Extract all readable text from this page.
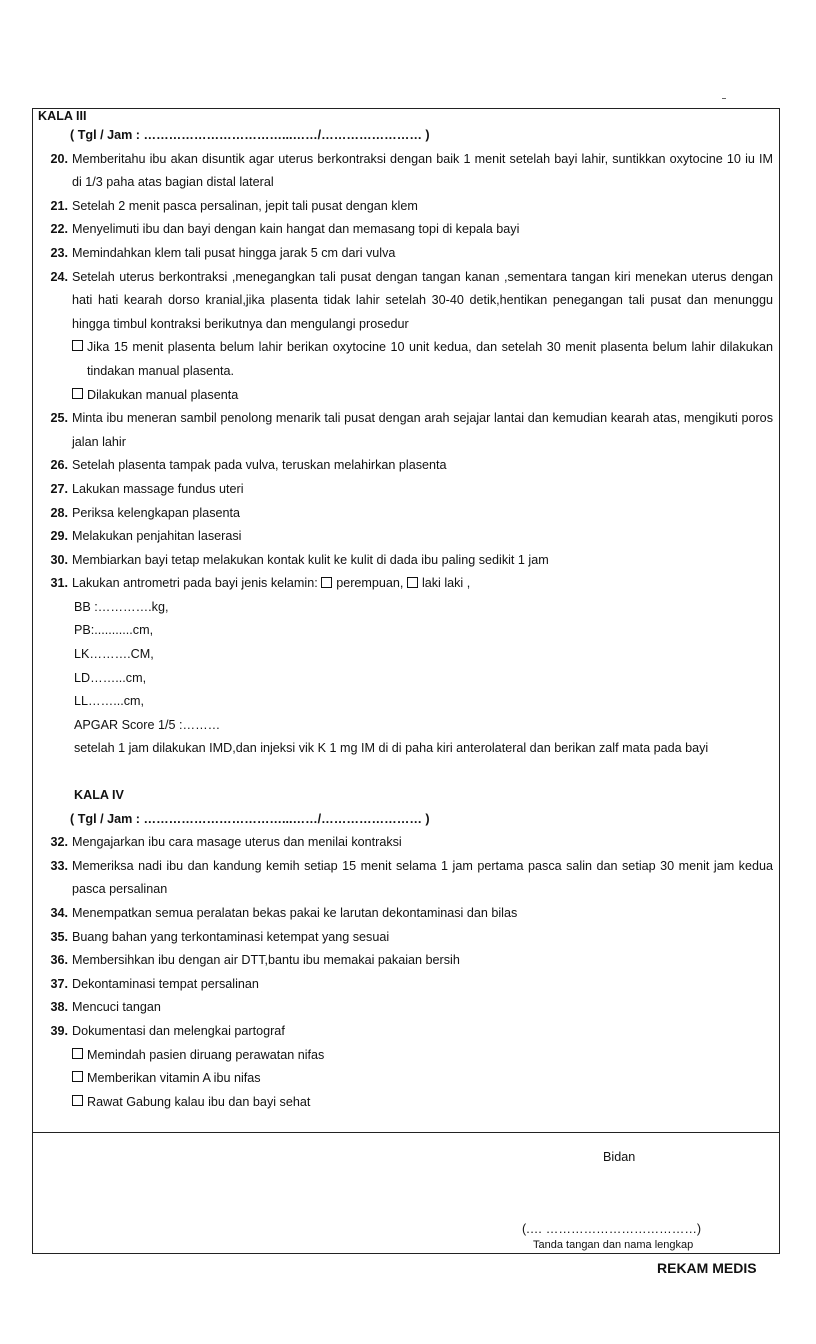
KALA III
( Tgl / Jam : ……………………………...……/…………………… )
20. Memberitahu ibu akan disuntik agar uterus berkontraksi dengan baik 1 menit setelah bayi lahir, suntikkan oxytocine 10 iu IM di 1/3 paha atas bagian distal lateral
21. Setelah 2 menit pasca persalinan, jepit tali pusat dengan klem
22. Menyelimuti ibu dan bayi dengan kain hangat dan memasang topi di kepala bayi
23. Memindahkan klem tali pusat hingga jarak 5 cm dari vulva
24. Setelah uterus berkontraksi ,menegangkan tali pusat dengan tangan kanan ,sementara tangan kiri menekan uterus dengan hati hati kearah dorso kranial,jika plasenta tidak lahir setelah 30-40 detik,hentikan penegangan tali pusat dan menunggu hingga timbul kontraksi berikutnya dan mengulangi prosedur
Jika 15 menit plasenta belum lahir berikan oxytocine 10 unit kedua, dan setelah 30 menit plasenta belum lahir dilakukan tindakan manual plasenta.
Dilakukan manual plasenta
25. Minta ibu meneran sambil penolong menarik tali pusat dengan arah sejajar lantai dan kemudian kearah atas, mengikuti poros jalan lahir
26. Setelah plasenta tampak pada vulva, teruskan melahirkan plasenta
27. Lakukan massage fundus uteri
28. Periksa kelengkapan plasenta
29. Melakukan penjahitan laserasi
30. Membiarkan bayi tetap melakukan kontak kulit ke kulit di dada ibu paling sedikit 1 jam
31. Lakukan antrometri pada bayi jenis kelamin: perempuan, laki laki ,
BB :………….kg,
PB:...........cm,
LK……….CM,
LD……...cm,
LL……...cm,
APGAR Score 1/5 :………
setelah 1 jam dilakukan IMD,dan injeksi vik K 1 mg IM di di paha kiri anterolateral dan berikan zalf mata pada bayi
KALA IV
( Tgl / Jam : ……………………………...……/…………………… )
32. Mengajarkan ibu cara masage uterus dan menilai kontraksi
33. Memeriksa nadi ibu dan kandung kemih setiap 15 menit selama 1 jam pertama pasca salin dan setiap 30 menit jam kedua pasca persalinan
34. Menempatkan semua peralatan bekas pakai ke larutan dekontaminasi dan bilas
35. Buang bahan yang terkontaminasi ketempat yang sesuai
36. Membersihkan ibu dengan air DTT,bantu ibu memakai pakaian bersih
37. Dekontaminasi tempat persalinan
38. Mencuci tangan
39. Dokumentasi dan melengkai partograf
Memindah pasien diruang perawatan nifas
Memberikan vitamin A ibu nifas
Rawat Gabung kalau ibu dan bayi sehat
Bidan
(.… ………………………………)
Tanda tangan dan nama lengkap
REKAM MEDIS
